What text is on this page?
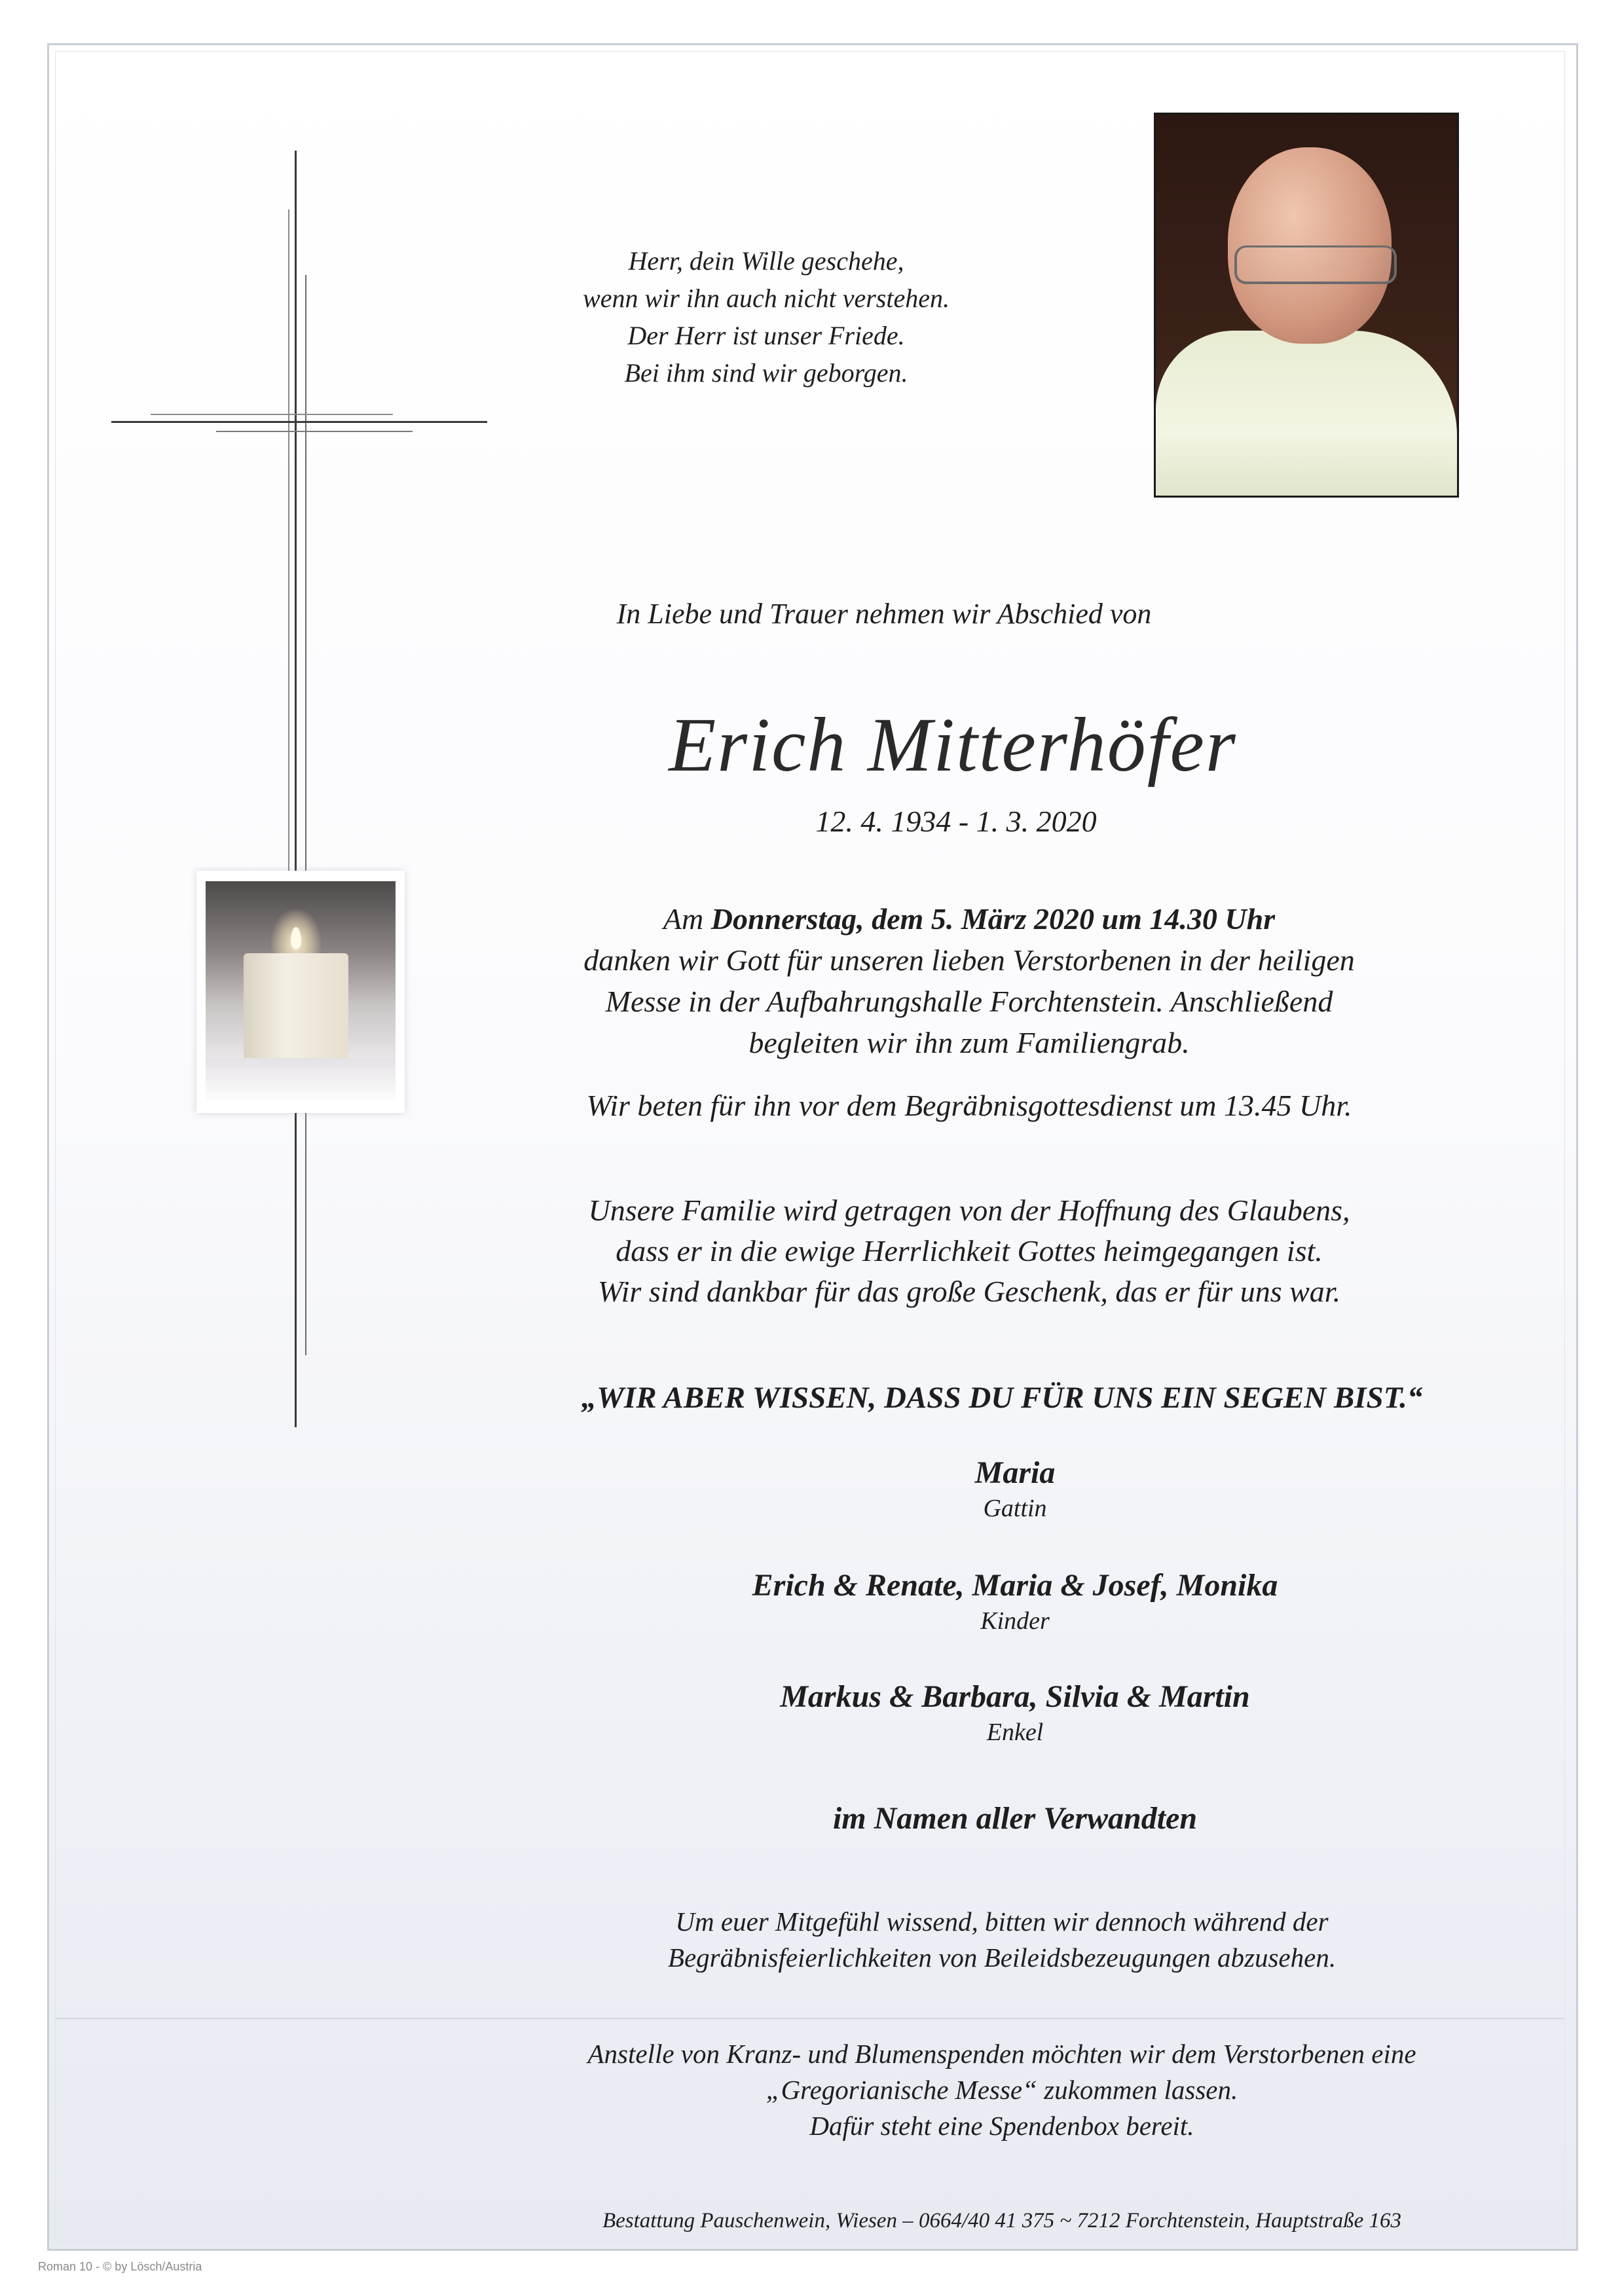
Herr, dein Wille geschehe,
wenn wir ihn auch nicht verstehen.
Der Herr ist unser Friede.
Bei ihm sind wir geborgen.
In Liebe und Trauer nehmen wir Abschied von
Erich Mitterhöfer
12. 4. 1934 - 1. 3. 2020
Am Donnerstag, dem 5. März 2020 um 14.30 Uhr
danken wir Gott für unseren lieben Verstorbenen in der heiligen
Messe in der Aufbahrungshalle Forchtenstein. Anschließend
begleiten wir ihn zum Familiengrab.
Wir beten für ihn vor dem Begräbnisgottesdienst um 13.45 Uhr.
Unsere Familie wird getragen von der Hoffnung des Glaubens,
dass er in die ewige Herrlichkeit Gottes heimgegangen ist.
Wir sind dankbar für das große Geschenk, das er für uns war.
„WIR ABER WISSEN, DASS DU FÜR UNS EIN SEGEN BIST.“
Maria
Gattin
Erich & Renate, Maria & Josef, Monika
Kinder
Markus & Barbara, Silvia & Martin
Enkel
im Namen aller Verwandten
Um euer Mitgefühl wissend, bitten wir dennoch während der
Begräbnisfeierlichkeiten von Beileidsbezeugungen abzusehen.
Anstelle von Kranz- und Blumenspenden möchten wir dem Verstorbenen eine
„Gregorianische Messe“ zukommen lassen.
Dafür steht eine Spendenbox bereit.
Bestattung Pauschenwein, Wiesen – 0664/40 41 375 ~ 7212 Forchtenstein, Hauptstraße 163
Roman 10 - © by Lösch/Austria
